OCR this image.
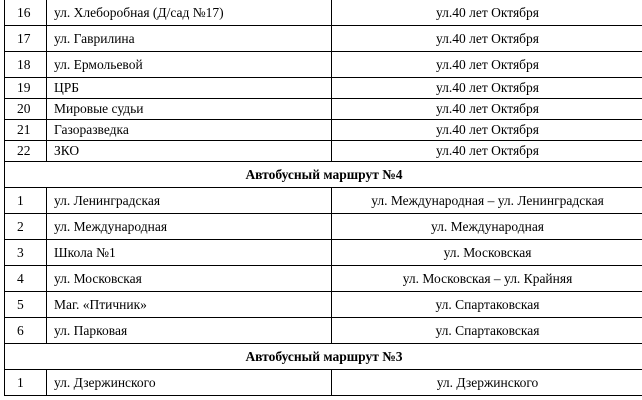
16	ул. Хлеборобная (Д/сад №17)	ул.40 лет Октября
17	ул. Гаврилина	ул.40 лет Октября
18	ул. Ермольевой	ул.40 лет Октября
19	ЦРБ	ул.40 лет Октября
20	Мировые судьи	ул.40 лет Октября
21	Газоразведка	ул.40 лет Октября
22	ЗКО	ул.40 лет Октября
Автобусный маршрут №4		
1	ул. Ленинградская	ул. Международная – ул. Ленинградская
2	ул. Международная	ул. Международная
3	Школа №1	ул. Московская
4	ул. Московская	ул. Московская – ул. Крайняя
5	Маг. «Птичник»	ул. Спартаковская
6	ул. Парковая	ул. Спартаковская
Автобусный маршрут №3		
1	ул. Дзержинского	ул. Дзержинского
